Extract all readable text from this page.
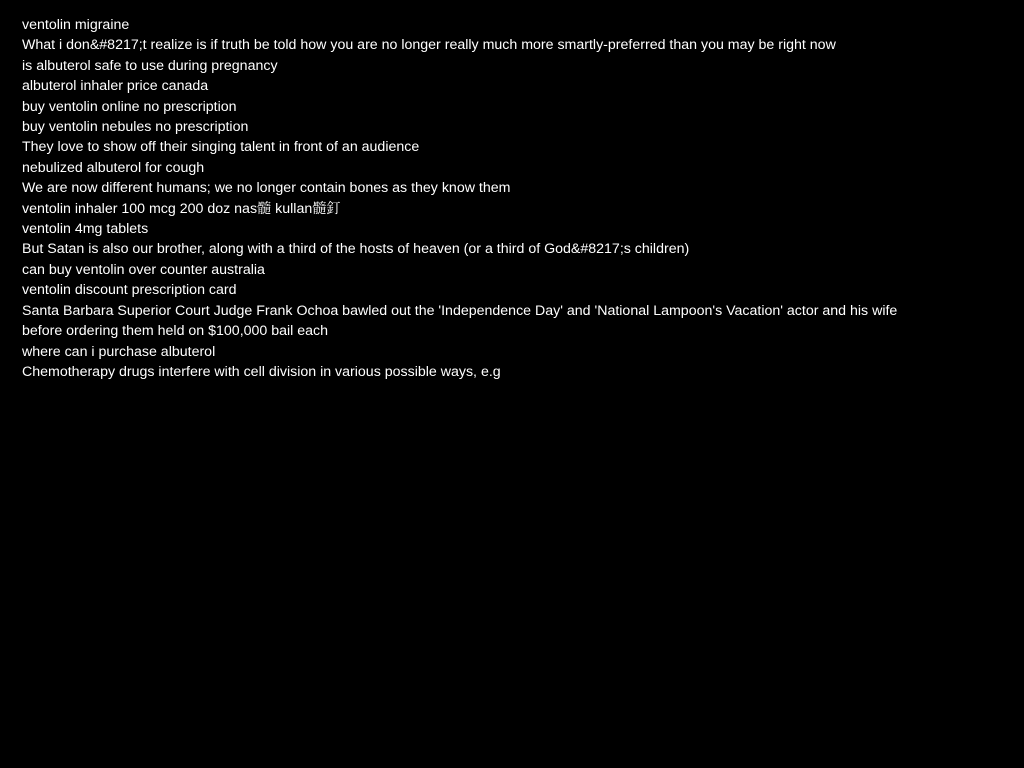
ventolin migraine
What i don&#8217;t realize is if truth be told how you are no longer really much more smartly-preferred than you may be right now
is albuterol safe to use during pregnancy
albuterol inhaler price canada
buy ventolin online no prescription
buy ventolin nebules no prescription
They love to show off their singing talent in front of an audience
nebulized albuterol for cough
We are now different humans; we no longer contain bones as they know them
ventolin inhaler 100 mcg 200 doz nas髓 kullan髓釘
ventolin 4mg tablets
But Satan is also our brother, along with a third of the hosts of heaven (or a third of God&#8217;s children)
can buy ventolin over counter australia
ventolin discount prescription card
Santa Barbara Superior Court Judge Frank Ochoa bawled out the 'Independence Day' and 'National Lampoon's Vacation' actor and his wife
before ordering them held on $100,000 bail each
where can i purchase albuterol
Chemotherapy drugs interfere with cell division in various possible ways, e.g
